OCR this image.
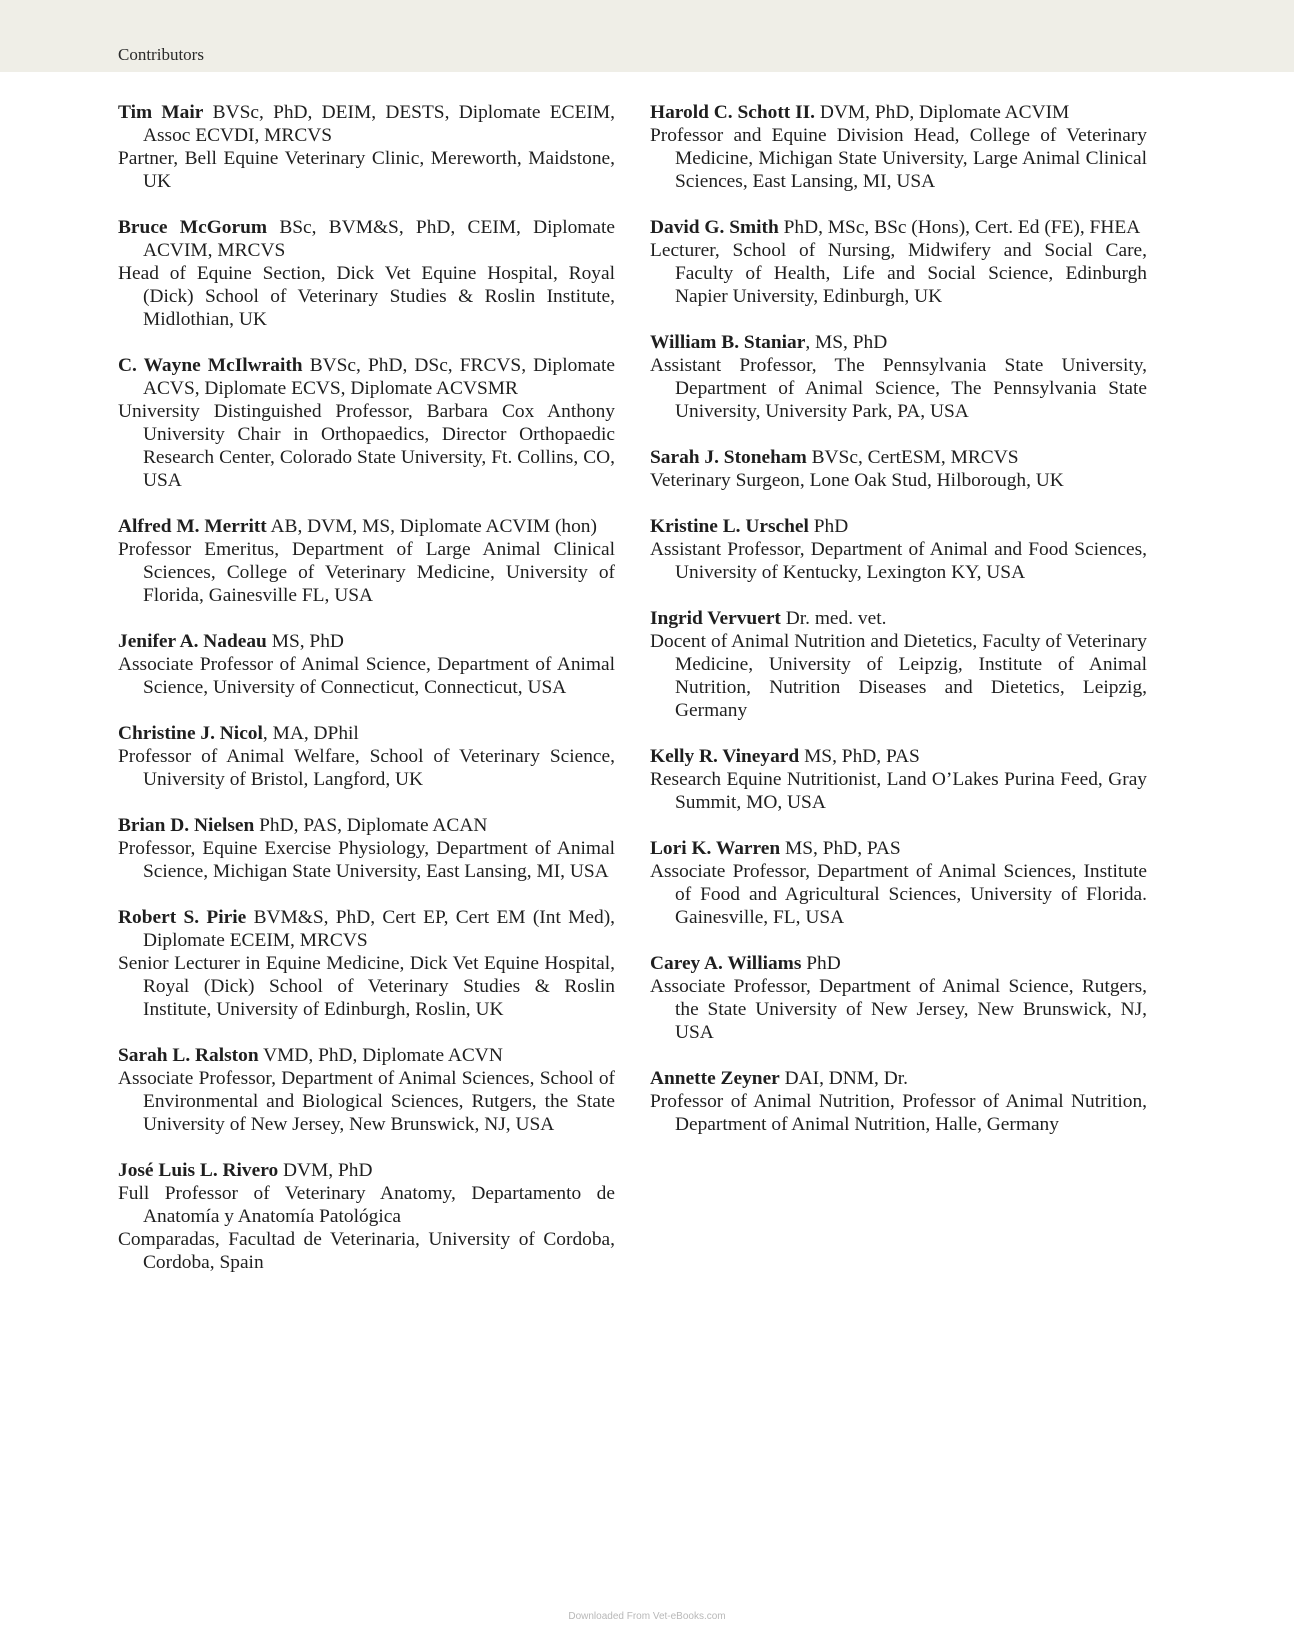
Contributors
Tim Mair BVSc, PhD, DEIM, DESTS, Diplomate ECEIM, Assoc ECVDI, MRCVS
Partner, Bell Equine Veterinary Clinic, Mereworth, Maidstone, UK
Bruce McGorum BSc, BVM&S, PhD, CEIM, Diplomate ACVIM, MRCVS
Head of Equine Section, Dick Vet Equine Hospital, Royal (Dick) School of Veterinary Studies & Roslin Institute, Midlothian, UK
C. Wayne McIlwraith BVSc, PhD, DSc, FRCVS, Diplomate ACVS, Diplomate ECVS, Diplomate ACVSMR
University Distinguished Professor, Barbara Cox Anthony University Chair in Orthopaedics, Director Orthopaedic Research Center, Colorado State University, Ft. Collins, CO, USA
Alfred M. Merritt AB, DVM, MS, Diplomate ACVIM (hon)
Professor Emeritus, Department of Large Animal Clinical Sciences, College of Veterinary Medicine, University of Florida, Gainesville FL, USA
Jenifer A. Nadeau MS, PhD
Associate Professor of Animal Science, Department of Animal Science, University of Connecticut, Connecticut, USA
Christine J. Nicol, MA, DPhil
Professor of Animal Welfare, School of Veterinary Science, University of Bristol, Langford, UK
Brian D. Nielsen PhD, PAS, Diplomate ACAN
Professor, Equine Exercise Physiology, Department of Animal Science, Michigan State University, East Lansing, MI, USA
Robert S. Pirie BVM&S, PhD, Cert EP, Cert EM (Int Med), Diplomate ECEIM, MRCVS
Senior Lecturer in Equine Medicine, Dick Vet Equine Hospital, Royal (Dick) School of Veterinary Studies & Roslin Institute, University of Edinburgh, Roslin, UK
Sarah L. Ralston VMD, PhD, Diplomate ACVN
Associate Professor, Department of Animal Sciences, School of Environmental and Biological Sciences, Rutgers, the State University of New Jersey, New Brunswick, NJ, USA
José Luis L. Rivero DVM, PhD
Full Professor of Veterinary Anatomy, Departamento de Anatomía y Anatomía Patológica
Comparadas, Facultad de Veterinaria, University of Cordoba, Cordoba, Spain
Harold C. Schott II. DVM, PhD, Diplomate ACVIM
Professor and Equine Division Head, College of Veterinary Medicine, Michigan State University, Large Animal Clinical Sciences, East Lansing, MI, USA
David G. Smith PhD, MSc, BSc (Hons), Cert. Ed (FE), FHEA
Lecturer, School of Nursing, Midwifery and Social Care, Faculty of Health, Life and Social Science, Edinburgh Napier University, Edinburgh, UK
William B. Staniar, MS, PhD
Assistant Professor, The Pennsylvania State University, Department of Animal Science, The Pennsylvania State University, University Park, PA, USA
Sarah J. Stoneham BVSc, CertESM, MRCVS
Veterinary Surgeon, Lone Oak Stud, Hilborough, UK
Kristine L. Urschel PhD
Assistant Professor, Department of Animal and Food Sciences, University of Kentucky, Lexington KY, USA
Ingrid Vervuert Dr. med. vet.
Docent of Animal Nutrition and Dietetics, Faculty of Veterinary Medicine, University of Leipzig, Institute of Animal Nutrition, Nutrition Diseases and Dietetics, Leipzig, Germany
Kelly R. Vineyard MS, PhD, PAS
Research Equine Nutritionist, Land O’Lakes Purina Feed, Gray Summit, MO, USA
Lori K. Warren MS, PhD, PAS
Associate Professor, Department of Animal Sciences, Institute of Food and Agricultural Sciences, University of Florida. Gainesville, FL, USA
Carey A. Williams PhD
Associate Professor, Department of Animal Science, Rutgers, the State University of New Jersey, New Brunswick, NJ, USA
Annette Zeyner DAI, DNM, Dr.
Professor of Animal Nutrition, Professor of Animal Nutrition, Department of Animal Nutrition, Halle, Germany
Downloaded From Vet-eBooks.com
